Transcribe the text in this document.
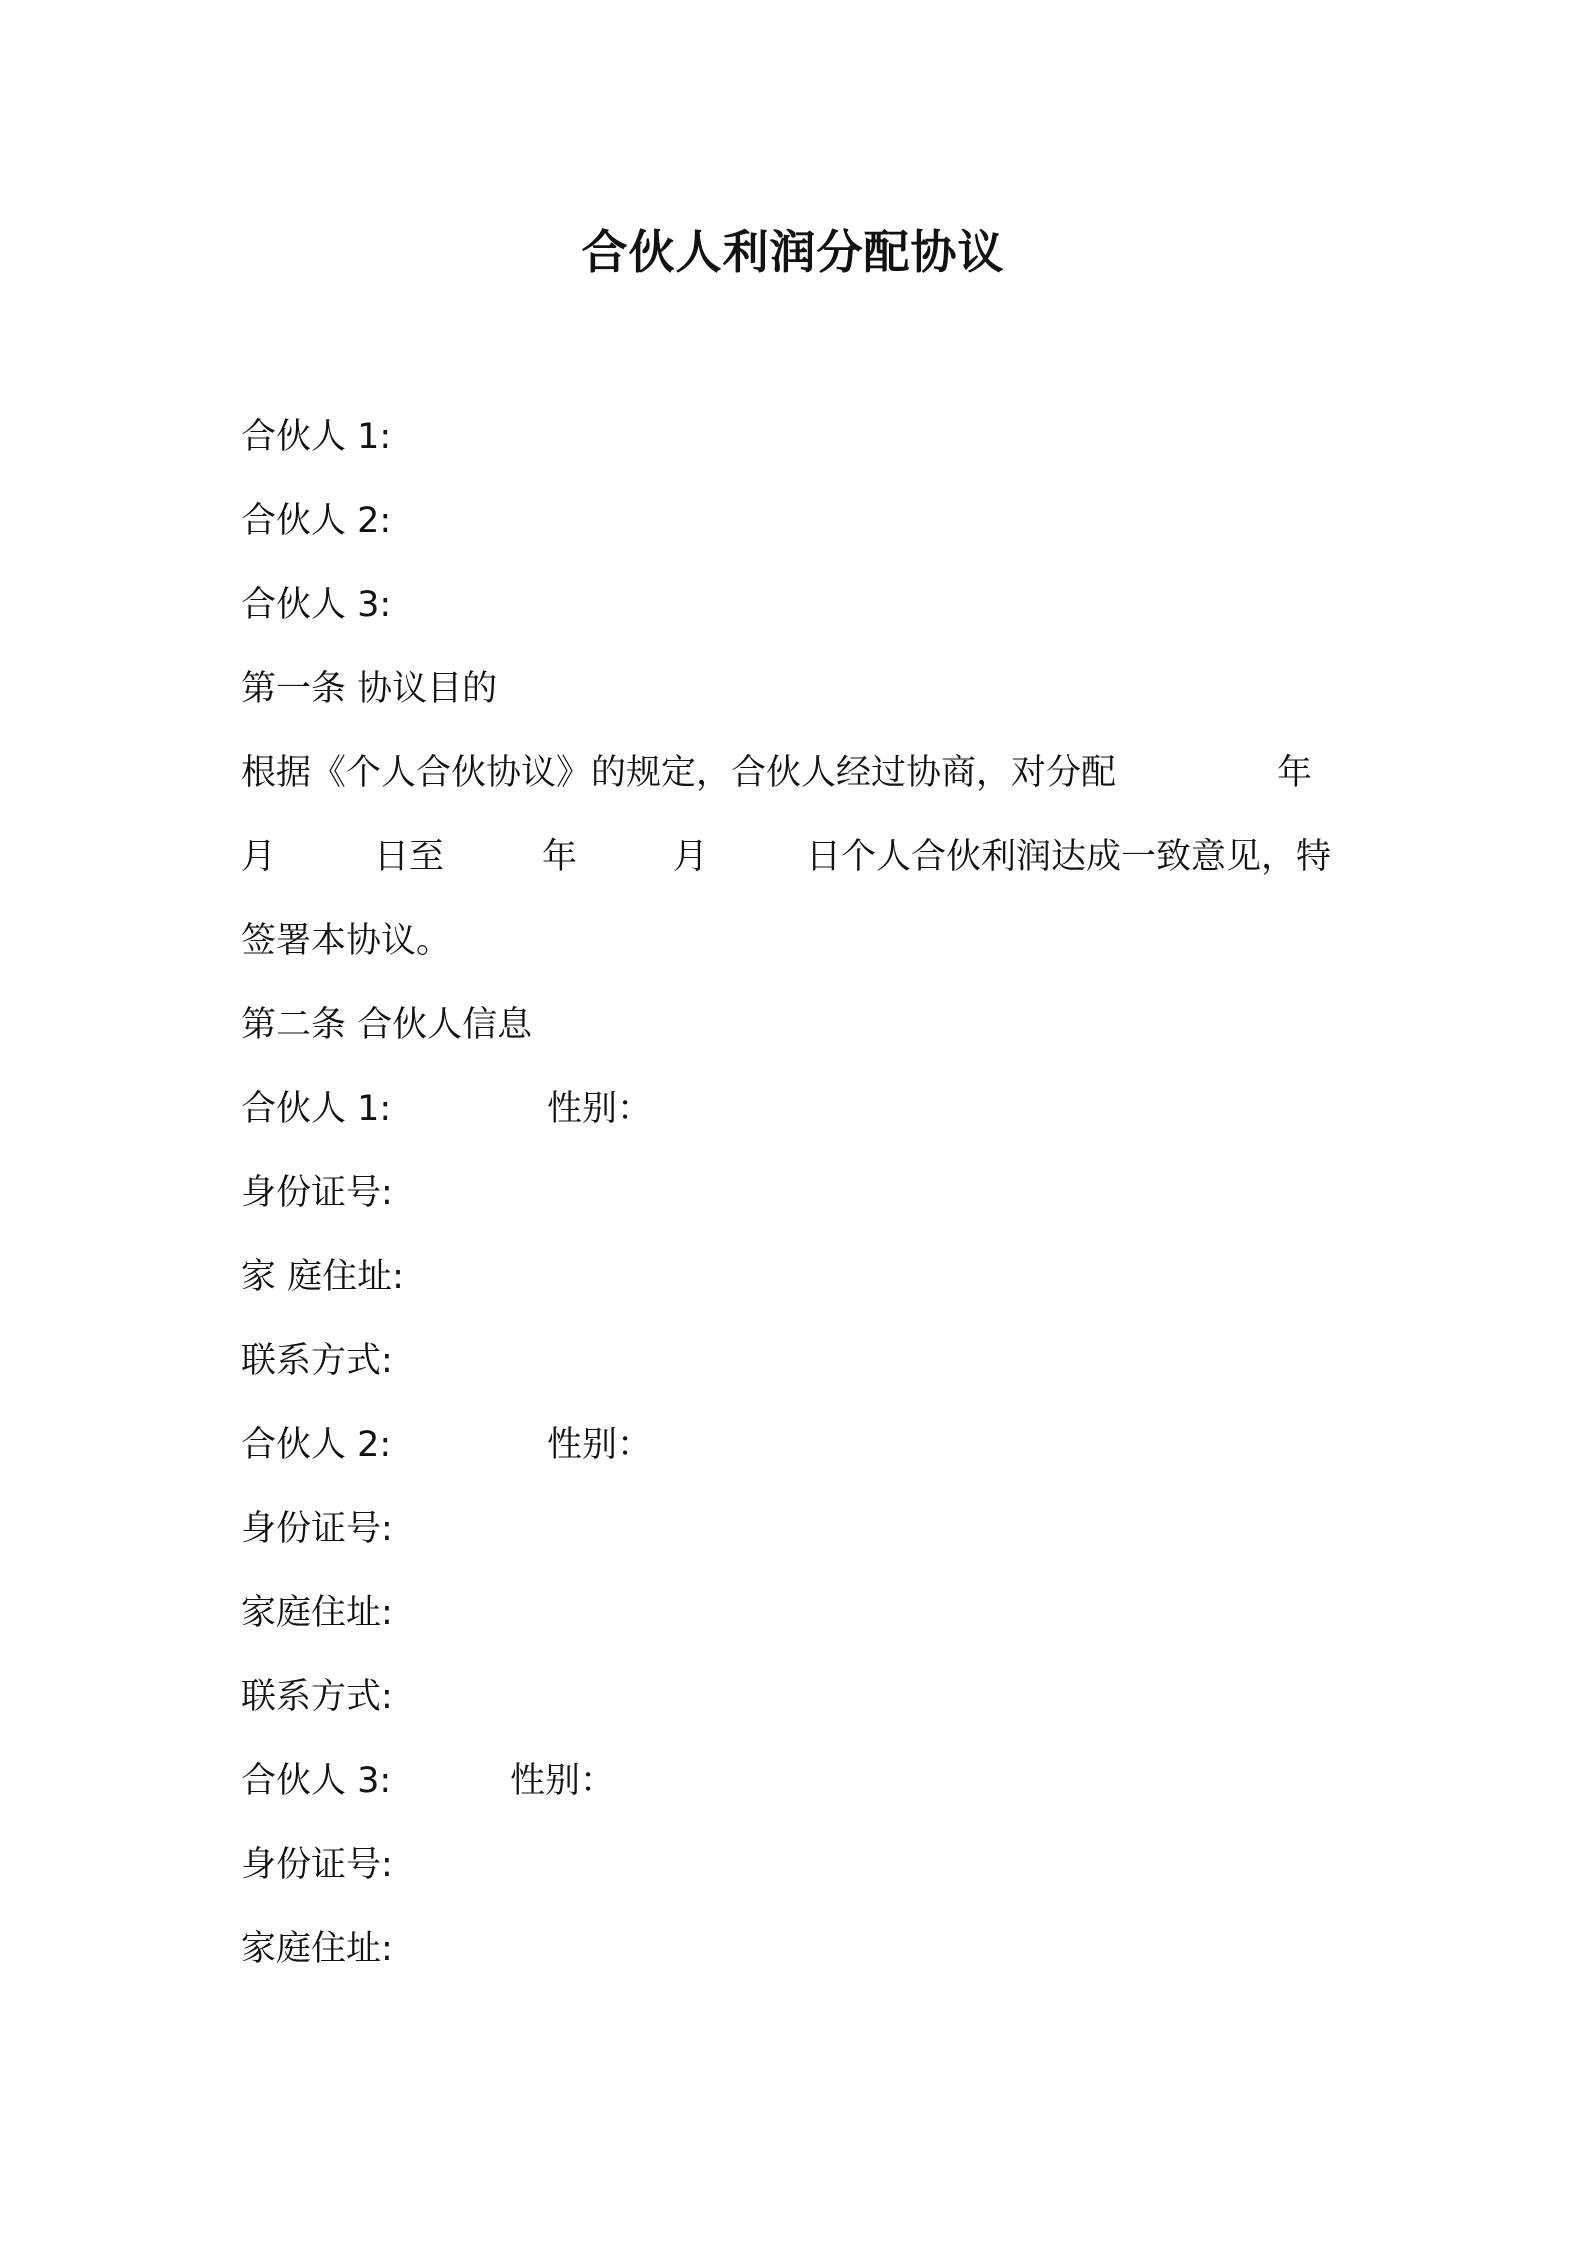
合伙人利润分配协议
合伙人 1:
合伙人 2:
合伙人 3:
第一条 协议目的
根据《个人合伙协议》的规定，合伙人经过协商，对分配	年
月	日至	年	月	日个人合伙利润达成一致意见，特
签署本协议。
第二条 合伙人信息
合伙人 1:	性别：
身份证号:
家 庭住址:
联系方式:
合伙人 2:	性别：
身份证号:
家庭住址:
联系方式:
合伙人 3:	性别：
身份证号:
家庭住址:
